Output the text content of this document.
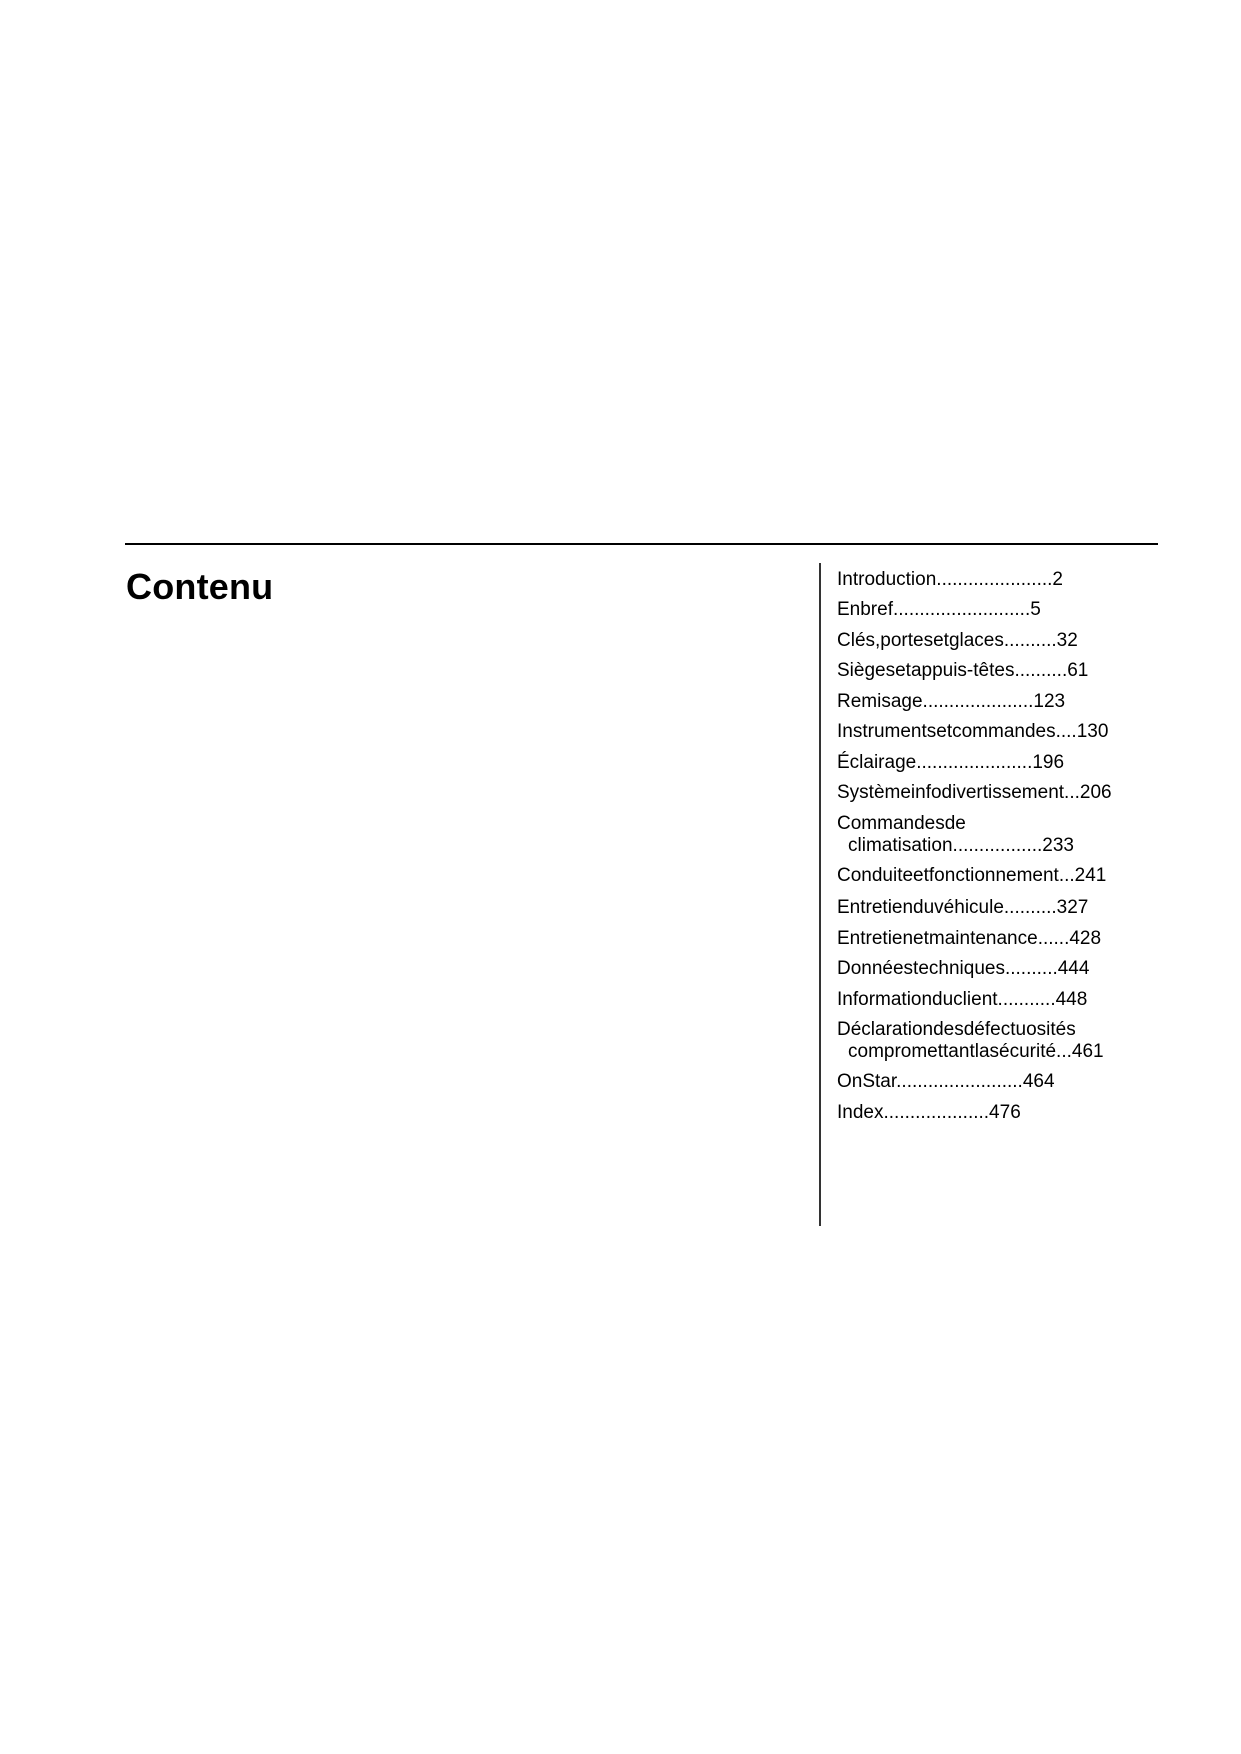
Contenu	Introduction......................2
Enbref..........................5
Clés,portesetglaces..........32
Siègesetappuis-têtes..........61
Remisage.....................123
Instrumentsetcommandes....130
Éclairage......................196
Systèmeinfodivertissement...206
Commandesde
climatisation.................233
Conduiteetfonctionnement...241
Entretienduvéhicule..........327
Entretienetmaintenance......428
Donnéestechniques..........444
Informationduclient...........448
Déclarationdesdéfectuosités
compromettantlasécurité...461
OnStar........................464
Index....................476
